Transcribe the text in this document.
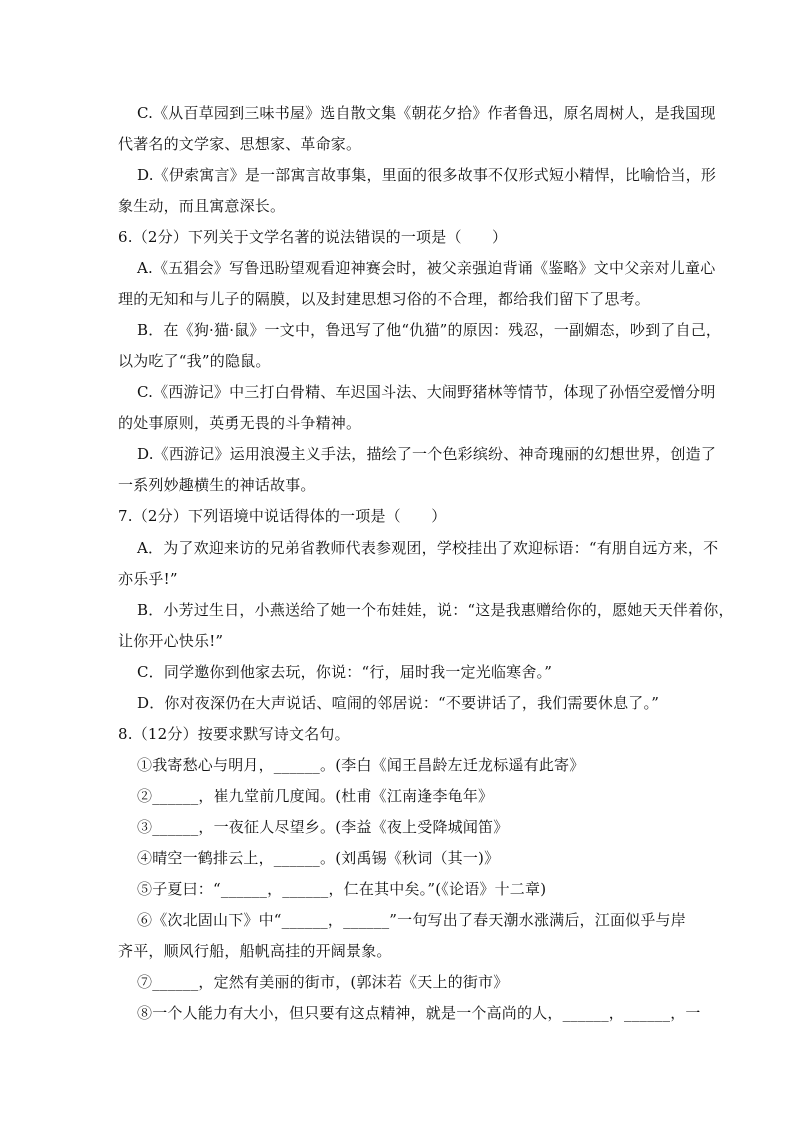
C.《从百草园到三味书屋》选自散文集《朝花夕拾》作者鲁迅，原名周树人，是我国现
代著名的文学家、思想家、革命家。
D.《伊索寓言》是一部寓言故事集，里面的很多故事不仅形式短小精悍，比喻恰当，形
象生动，而且寓意深长。
6.（2分）下列关于文学名著的说法错误的一项是（　　）
A.《五猖会》写鲁迅盼望观看迎神赛会时，被父亲强迫背诵《鉴略》文中父亲对儿童心
理的无知和与儿子的隔膜，以及封建思想习俗的不合理，都给我们留下了思考。
B．在《狗·猫·鼠》一文中，鲁迅写了他“仇猫”的原因：残忍，一副媚态，吵到了自己，
以为吃了“我”的隐鼠。
C.《西游记》中三打白骨精、车迟国斗法、大闹野猪林等情节，体现了孙悟空爱憎分明
的处事原则，英勇无畏的斗争精神。
D.《西游记》运用浪漫主义手法，描绘了一个色彩缤纷、神奇瑰丽的幻想世界，创造了
一系列妙趣横生的神话故事。
7.（2分）下列语境中说话得体的一项是（　　）
A．为了欢迎来访的兄弟省教师代表参观团，学校挂出了欢迎标语：“有朋自远方来，不
亦乐乎!”
B．小芳过生日，小燕送给了她一个布娃娃，说：“这是我惠赠给你的，愿她天天伴着你，
让你开心快乐!”
C．同学邀你到他家去玩，你说：“行，届时我一定光临寒舍。”
D．你对夜深仍在大声说话、喧闹的邻居说：“不要讲话了，我们需要休息了。”
8.（12分）按要求默写诗文名句。
①我寄愁心与明月，______。(李白《闻王昌龄左迁龙标遥有此寄》
②______，崔九堂前几度闻。(杜甫《江南逢李龟年》
③______，一夜征人尽望乡。(李益《夜上受降城闻笛》
④晴空一鹤排云上，______。(刘禹锡《秋词（其一)》
⑤子夏曰：“______，______，仁在其中矣。”(《论语》十二章)
⑥《次北固山下》中“______，______”一句写出了春天潮水涨满后，江面似乎与岸
齐平，顺风行船，船帆高挂的开阔景象。
⑦______，定然有美丽的街市，(郭沫若《天上的街市》
⑧一个人能力有大小，但只要有这点精神，就是一个高尚的人，______，______，一
